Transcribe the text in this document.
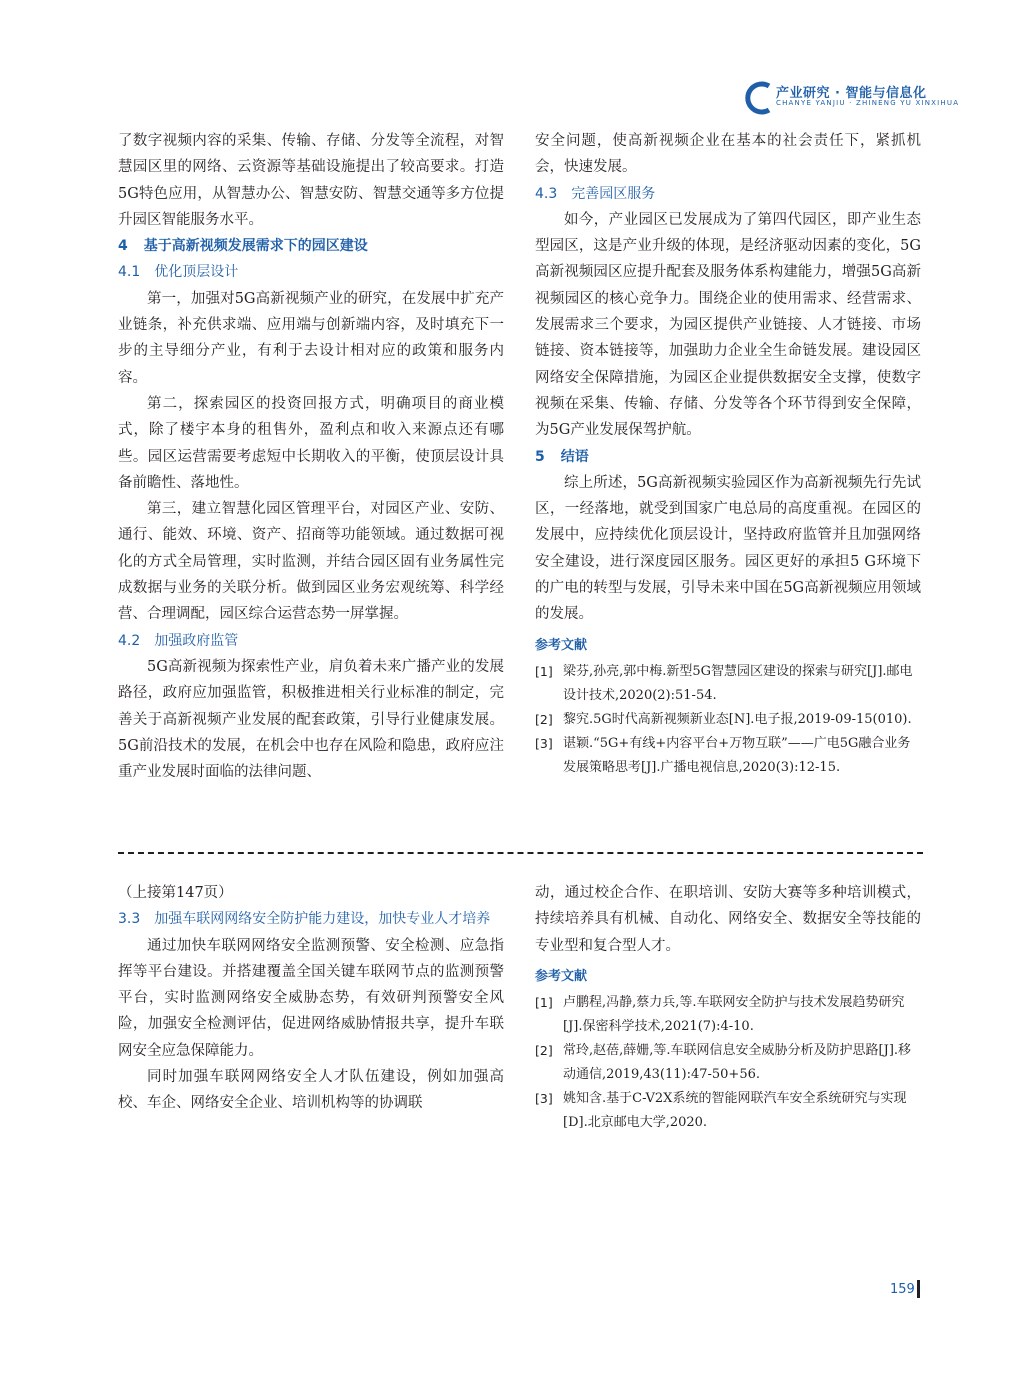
产业研究 · 智能与信息化
CHANYE YANJIU · ZHINENG YU XINXIHUA

了数字视频内容的采集、传输、存储、分发等全流程，对智慧园区里的网络、云资源等基础设施提出了较高要求。打造5G特色应用，从智慧办公、智慧安防、智慧交通等多方位提升园区智能服务水平。

4 基于高新视频发展需求下的园区建设

4.1 优化顶层设计

第一，加强对5G高新视频产业的研究，在发展中扩充产业链条，补充供求端、应用端与创新端内容，及时填充下一步的主导细分产业，有利于去设计相对应的政策和服务内容。

第二，探索园区的投资回报方式，明确项目的商业模式，除了楼宇本身的租售外，盈利点和收入来源点还有哪些。园区运营需要考虑短中长期收入的平衡，使顶层设计具备前瞻性、落地性。

第三，建立智慧化园区管理平台，对园区产业、安防、通行、能效、环境、资产、招商等功能领域。通过数据可视化的方式全局管理，实时监测，并结合园区固有业务属性完成数据与业务的关联分析。做到园区业务宏观统筹、科学经营、合理调配，园区综合运营态势一屏掌握。

4.2 加强政府监管

5G高新视频为探索性产业，肩负着未来广播产业的发展路径，政府应加强监管，积极推进相关行业标准的制定，完善关于高新视频产业发展的配套政策，引导行业健康发展。 5G前沿技术的发展，在机会中也存在风险和隐患，政府应注重产业发展时面临的法律问题、

安全问题，使高新视频企业在基本的社会责任下，紧抓机会，快速发展。

4.3 完善园区服务

如今，产业园区已发展成为了第四代园区，即产业生态型园区，这是产业升级的体现，是经济驱动因素的变化，5G高新视频园区应提升配套及服务体系构建能力，增强5G高新视频园区的核心竞争力。围绕企业的使用需求、经营需求、发展需求三个要求，为园区提供产业链接、人才链接、市场链接、资本链接等，加强助力企业全生命链发展。建设园区网络安全保障措施，为园区企业提供数据安全支撑，使数字视频在采集、传输、存储、分发等各个环节得到安全保障，为5G产业发展保驾护航。

5 结语

综上所述，5G高新视频实验园区作为高新视频先行先试区，一经落地，就受到国家广电总局的高度重视。在园区的发展中，应持续优化顶层设计，坚持政府监管并且加强网络安全建设，进行深度园区服务。园区更好的承担5 G环境下的广电的转型与发展，引导未来中国在5G高新视频应用领域的发展。

参考文献

[1] 梁芬,孙亮,郭中梅.新型5G智慧园区建设的探索与研究[J].邮电设计技术,2020(2):51-54.
[2] 黎究.5G时代高新视频新业态[N].电子报,2019-09-15(010).
[3] 谌颖.“5G+有线+内容平台+万物互联”——广电5G融合业务发展策略思考[J].广播电视信息,2020(3):12-15.

（上接第147页）

3.3 加强车联网网络安全防护能力建设，加快专业人才培养

通过加快车联网网络安全监测预警、安全检测、应急指挥等平台建设。并搭建覆盖全国关键车联网节点的监测预警平台，实时监测网络安全威胁态势，有效研判预警安全风险，加强安全检测评估，促进网络威胁情报共享，提升车联网安全应急保障能力。

同时加强车联网网络安全人才队伍建设，例如加强高校、车企、网络安全企业、培训机构等的协调联

动，通过校企合作、在职培训、安防大赛等多种培训模式，持续培养具有机械、自动化、网络安全、数据安全等技能的专业型和复合型人才。

参考文献

[1] 卢鹏程,冯静,蔡力兵,等.车联网安全防护与技术发展趋势研究[J].保密科学技术,2021(7):4-10.
[2] 常玲,赵蓓,薛姗,等.车联网信息安全威胁分析及防护思路[J].移动通信,2019,43(11):47-50+56.
[3] 姚知含.基于C-V2X系统的智能网联汽车安全系统研究与实现[D].北京邮电大学,2020.
159
